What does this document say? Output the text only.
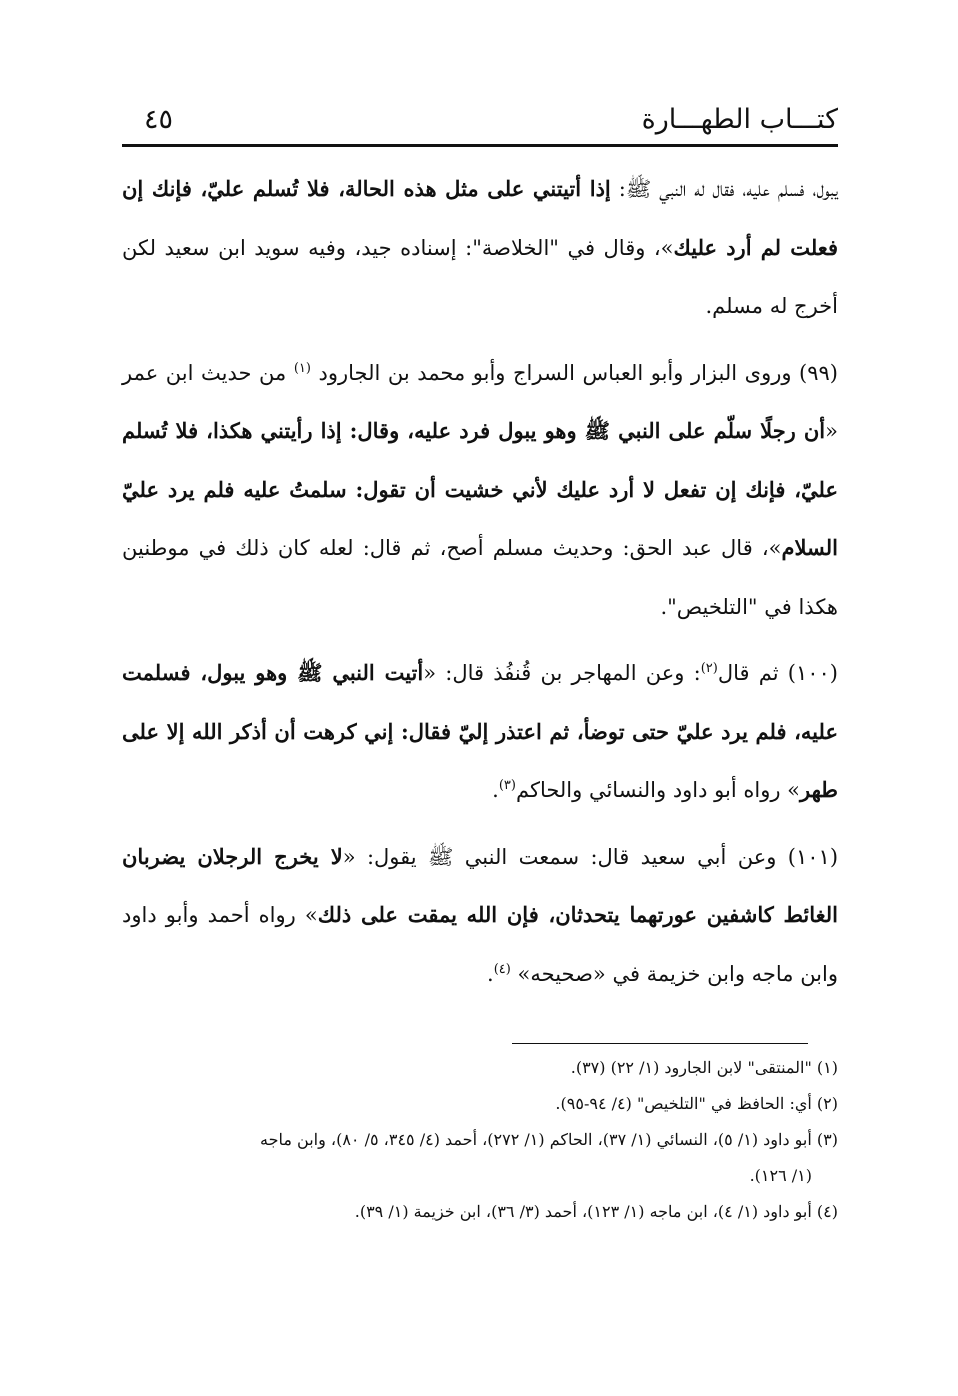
كتـــاب الطهـــارة
٤٥

يبول، فسلم عليه، فقال له النبي ﷺ: إذا أتيتني على مثل هذه الحالة، فلا تُسلم عليّ، فإنك إن فعلت لم أرد عليك»، وقال في "الخلاصة": إسناده جيد، وفيه سويد ابن سعيد لكن أخرج له مسلم.

(٩٩) وروى البزار وأبو العباس السراج وأبو محمد بن الجارود $^{(١)}$ من حديث ابن عمر «أن رجلًا سلّم على النبي ﷺ وهو يبول فرد عليه، وقال: إذا رأيتني هكذا، فلا تُسلم عليّ، فإنك إن تفعل لا أرد عليك لأني خشيت أن تقول: سلمتُ عليه فلم يرد عليّ السلام»، قال عبد الحق: وحديث مسلم أصح، ثم قال: لعله كان ذلك في موطنين هكذا في "التلخيص".

(١٠٠) ثم قال$^{(٢)}$: وعن المهاجر بن قُنفُذ قال: «أتيت النبي ﷺ وهو يبول، فسلمت عليه، فلم يرد عليّ حتى توضأ، ثم اعتذر إليّ فقال: إني كرهت أن أذكر الله إلا على طهر» رواه أبو داود والنسائي والحاكم$^{(٣)}$.

(١٠١) وعن أبي سعيد قال: سمعت النبي ﷺ يقول: «لا يخرج الرجلان يضربان الغائط كاشفين عورتهما يتحدثان، فإن الله يمقت على ذلك» رواه أحمد وأبو داود وابن ماجه وابن خزيمة في «صحيحه» $^{(٤)}$.

(١) "المنتقى" لابن الجارود (١/ ٢٢) (٣٧).

(٢) أي: الحافظ في "التلخيص" (٤/ ٩٤-٩٥).

(٣) أبو داود (١/ ٥)، النسائي (١/ ٣٧)، الحاكم (١/ ٢٧٢)، أحمد (٤/ ٣٤٥، ٥/ ٨٠)، وابن ماجه

(١/ ١٢٦).

(٤) أبو داود (١/ ٤)، ابن ماجه (١/ ١٢٣)، أحمد (٣/ ٣٦)، ابن خزيمة (١/ ٣٩).
